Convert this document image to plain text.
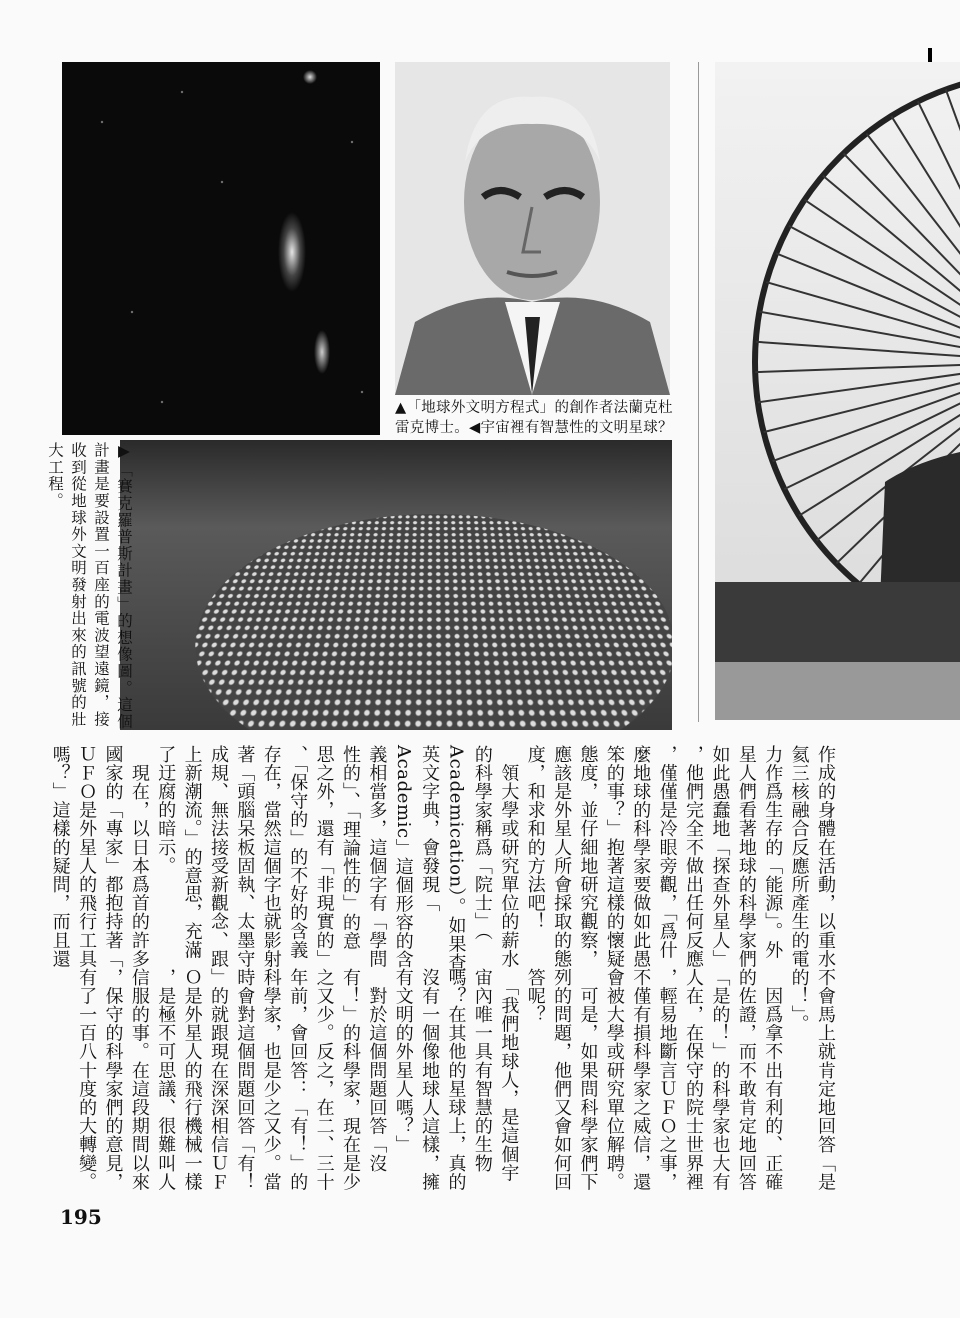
▲「地球外文明方程式」的創作者法蘭克杜雷克博士。◀宇宙裡有智慧性的文明星球？
▶「賽克羅普斯計畫」的想像圖。這個計畫是要設置一百座的電波望遠鏡，接收到從地球外文明發射出來的訊號的壯大工程。
作成的身體在活動，以重水
氦三核融合反應所產生的電
力作爲生存的「能源」。外
星人們看著地球的科學家們
如此愚蠢地「探查外星人」
，他們完全不做出任何反應
，僅僅是冷眼旁觀，「爲什
麼地球的科學家要做如此愚
笨的事？」抱著這樣的懷疑
態度，並仔細地研究觀察，
應該是外星人所會採取的態
度，和求和的方法吧！
　領大學或研究單位的薪水
的科學家稱爲「院士」（
Academication）。如果查
英文字典，會發現「
Academic」這個形容的含
義相當多，這個字有「學問
性的」、「理論性的」的意
思之外，還有「非現實的」
、「保守的」的不好的含義
存在，當然這個字也就影射
著「頭腦呆板固執、太墨守
成規、無法接受新觀念、跟
上新潮流。」的意思，充滿
了迂腐的暗示。
　現在，以日本爲首的許多
國家的「專家」都抱持著「
ＵＦＯ是外星人的飛行工具
嗎？」這樣的疑問，而且還
不會馬上就肯定地回答「是
的！」。
　因爲拿不出有利的、正確
的佐證，而不敢肯定地回答
「是的！」的科學家也大有
人在，在保守的院士世界裡
，輕易地斷言ＵＦＯ之事，
不僅有損科學家之威信，還
會被大學或研究單位解聘。
　可是，如果問科學家們下
列的問題，他們又會如何回
答呢？
　「我們地球人，是這個宇
宙內唯一具有智慧的生物
嗎？在其他的星球上，真的
沒有一個像地球人這樣，擁
有文明的外星人嗎？」
　對於這個問題回答「沒
有！」的科學家，現在是少
之又少。反之，在二、三十
年前，會回答：「有！」的
科學家，也是少之又少。當
時會對這個問題回答「有！
」的就跟現在深深相信ＵＦ
Ｏ是外星人的飛行機械一樣
，是極不可思議、很難叫人
信服的事。在這段期間以來
，保守的科學家們的意見，
有了一百八十度的大轉變。
195
